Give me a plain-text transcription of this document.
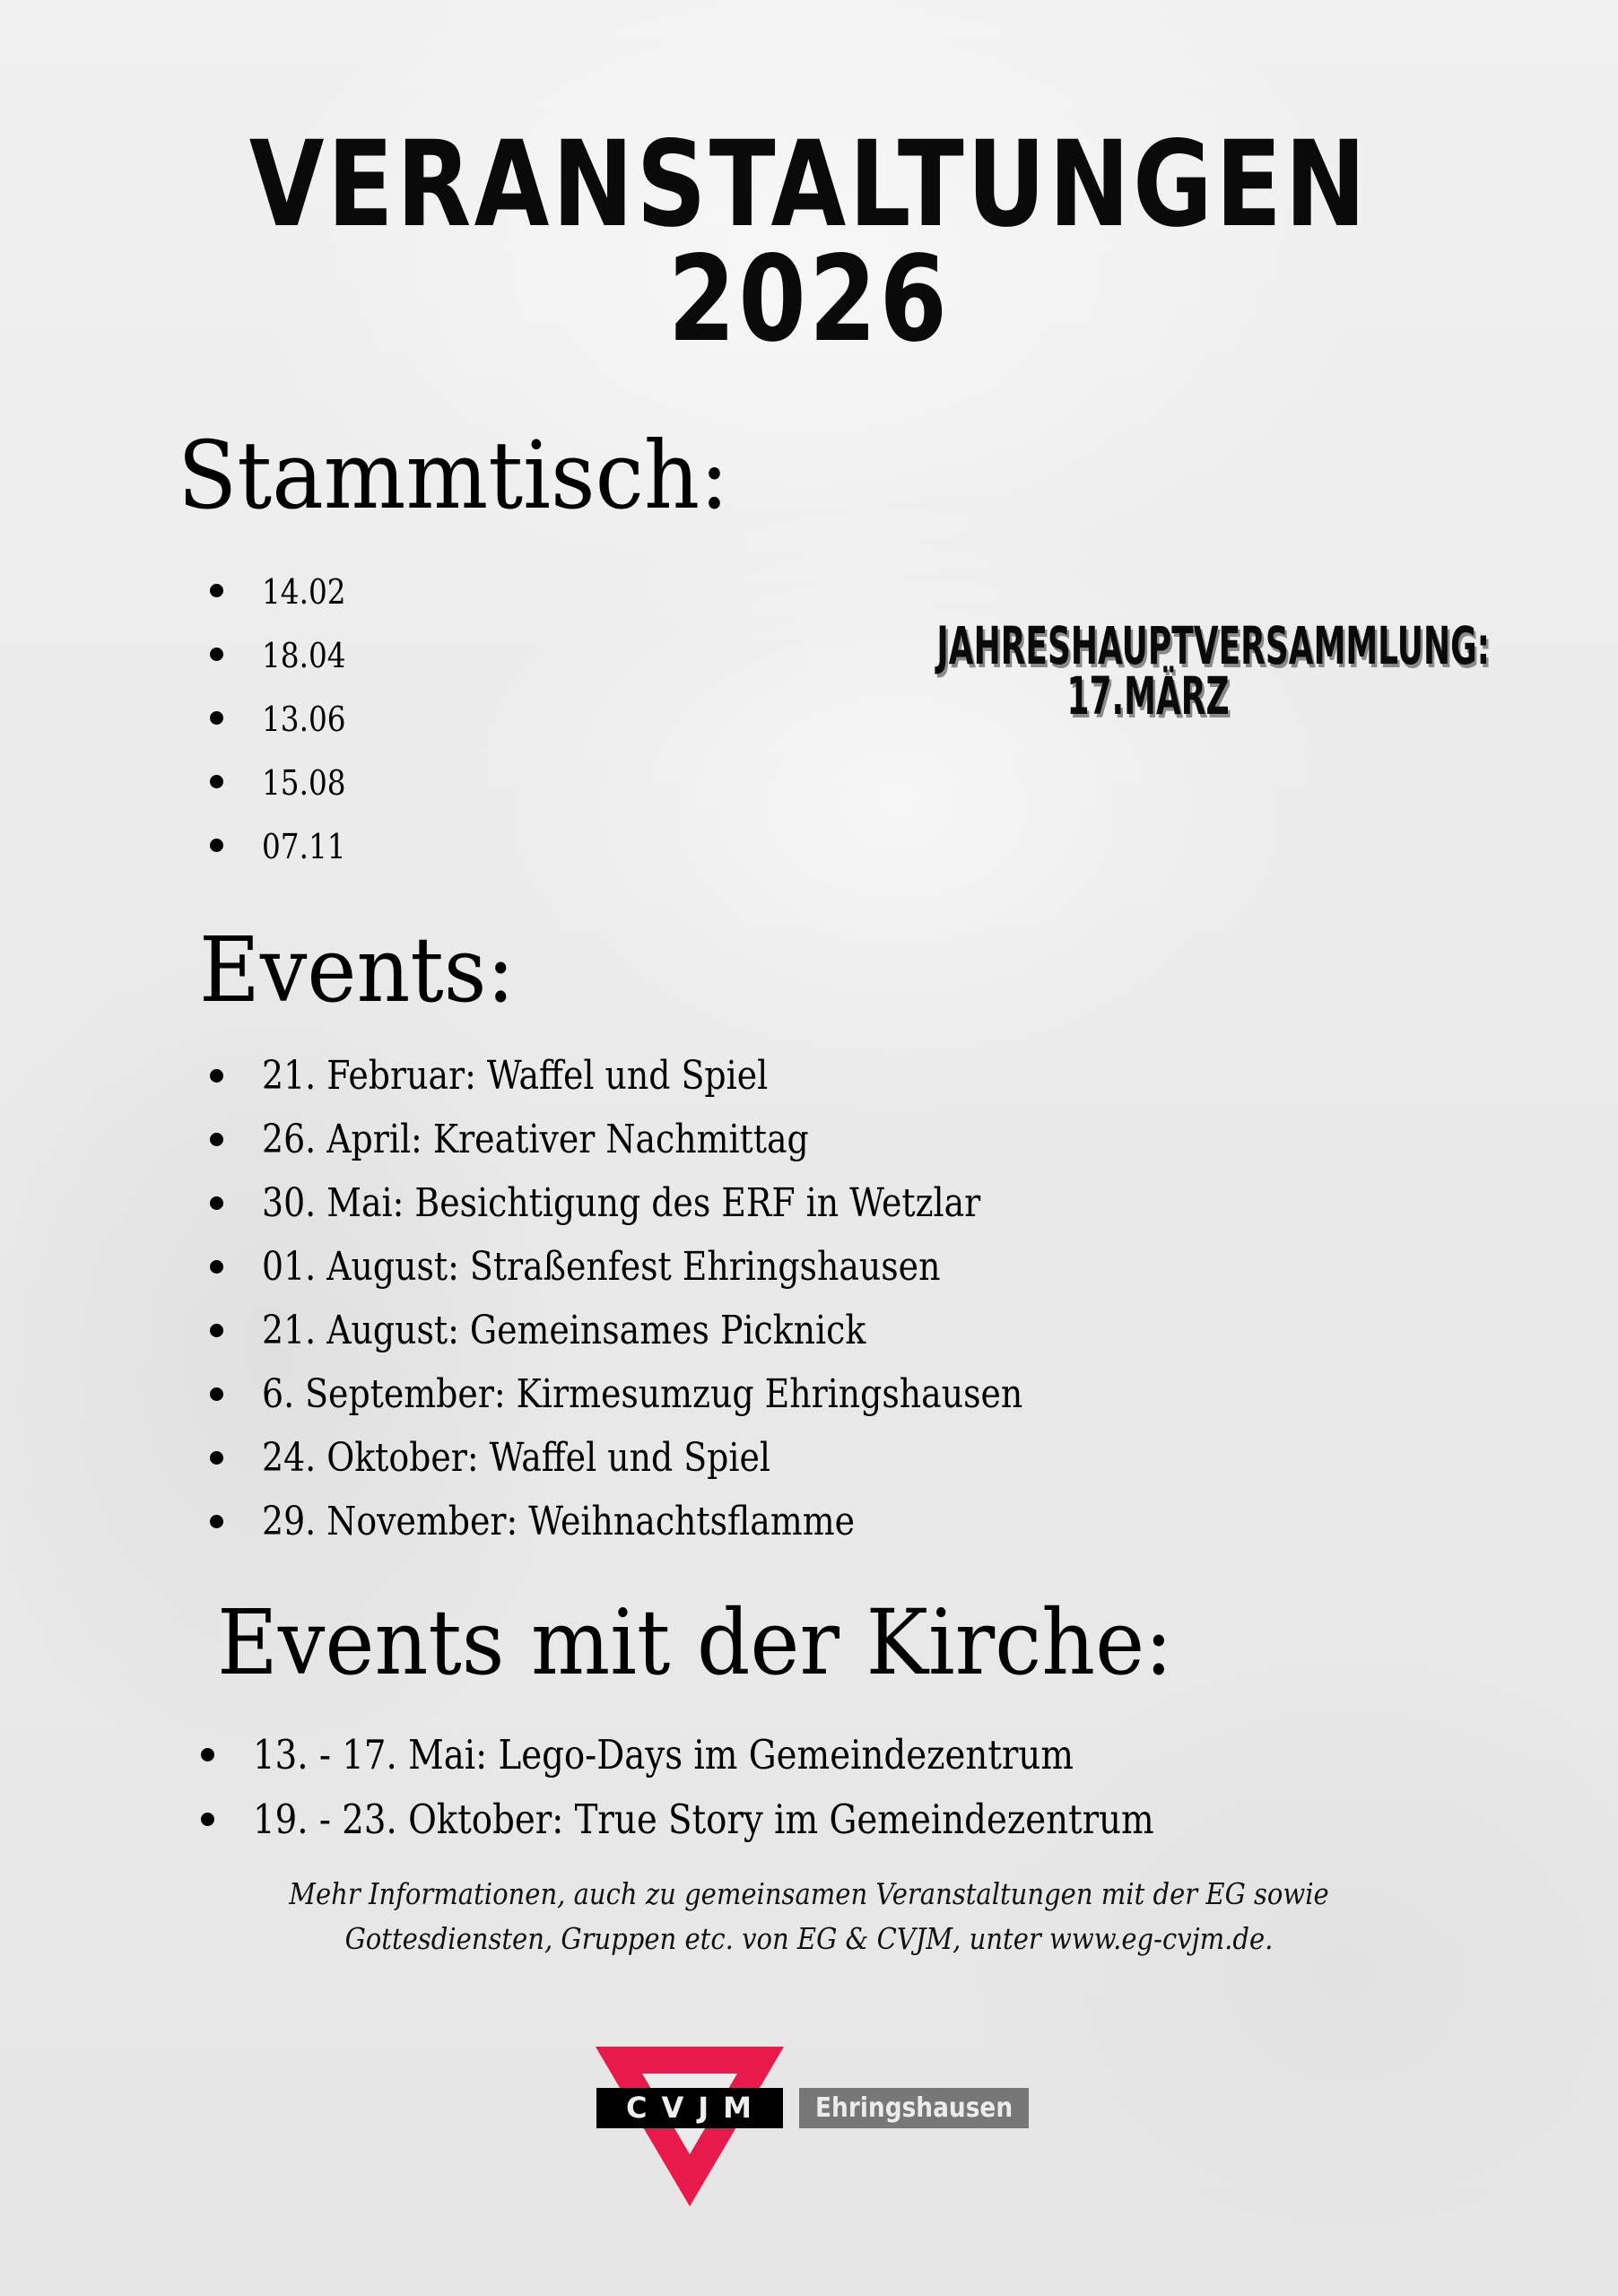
VERANSTALTUNGEN
2026
Stammtisch:
14.02
18.04
13.06
15.08
07.11
JAHRESHAUPTVERSAMMLUNG:
17.MÄRZ
Events:
21. Februar: Waffel und Spiel
26. April: Kreativer Nachmittag
30. Mai: Besichtigung des ERF in Wetzlar
01. August: Straßenfest Ehringshausen
21. August: Gemeinsames Picknick
6. September: Kirmesumzug Ehringshausen
24. Oktober: Waffel und Spiel
29. November: Weihnachtsflamme
Events mit der Kirche:
13. - 17. Mai: Lego-Days im Gemeindezentrum
19. - 23. Oktober: True Story im Gemeindezentrum
Mehr Informationen, auch zu gemeinsamen Veranstaltungen mit der EG sowie
Gottesdiensten, Gruppen etc. von EG & CVJM, unter www.eg-cvjm.de.
CVJM	Ehringshausen
